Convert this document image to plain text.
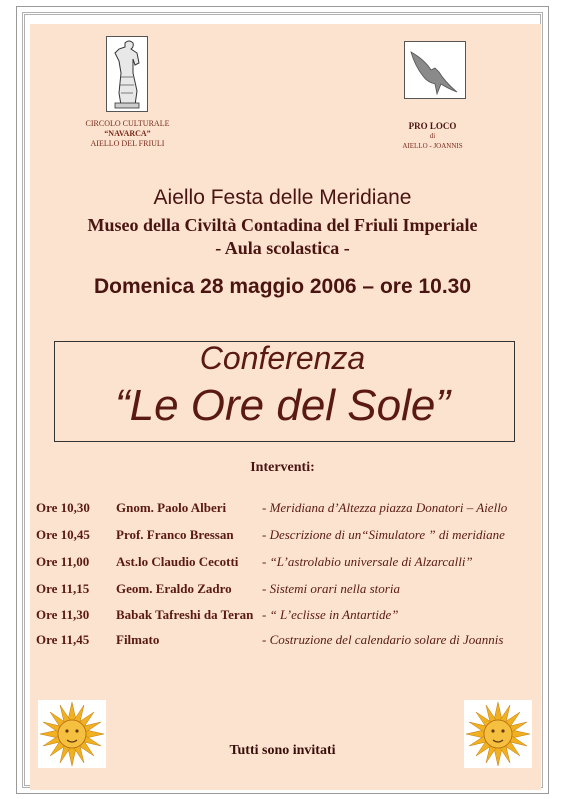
CIRCOLO CULTURALE
“NAVARCA”
AIELLO DEL FRIULI
PRO LOCO
di
AIELLO - JOANNIS
Aiello Festa delle Meridiane
Museo della Civiltà Contadina del Friuli Imperiale
- Aula scolastica -
Domenica 28 maggio 2006 – ore 10.30
Conferenza
“Le Ore del Sole”
Interventi:
Ore 10,30 Gnom. Paolo Alberi	- Meridiana d’Altezza piazza Donatori – Aiello
Ore 10,45 Prof. Franco Bressan - Descrizione di un“Simulatore ” di meridiane
Ore 11,00 Ast.lo Claudio Cecotti - “L’astrolabio universale di Alzarcalli”
Ore 11,15 Geom. Eraldo Zadro - Sistemi orari nella storia
Ore 11,30 Babak Tafreshi da Teran - “ L’eclisse in Antartide”
Ore 11,45 Filmato	- Costruzione del calendario solare di Joannis
Tutti sono invitati
